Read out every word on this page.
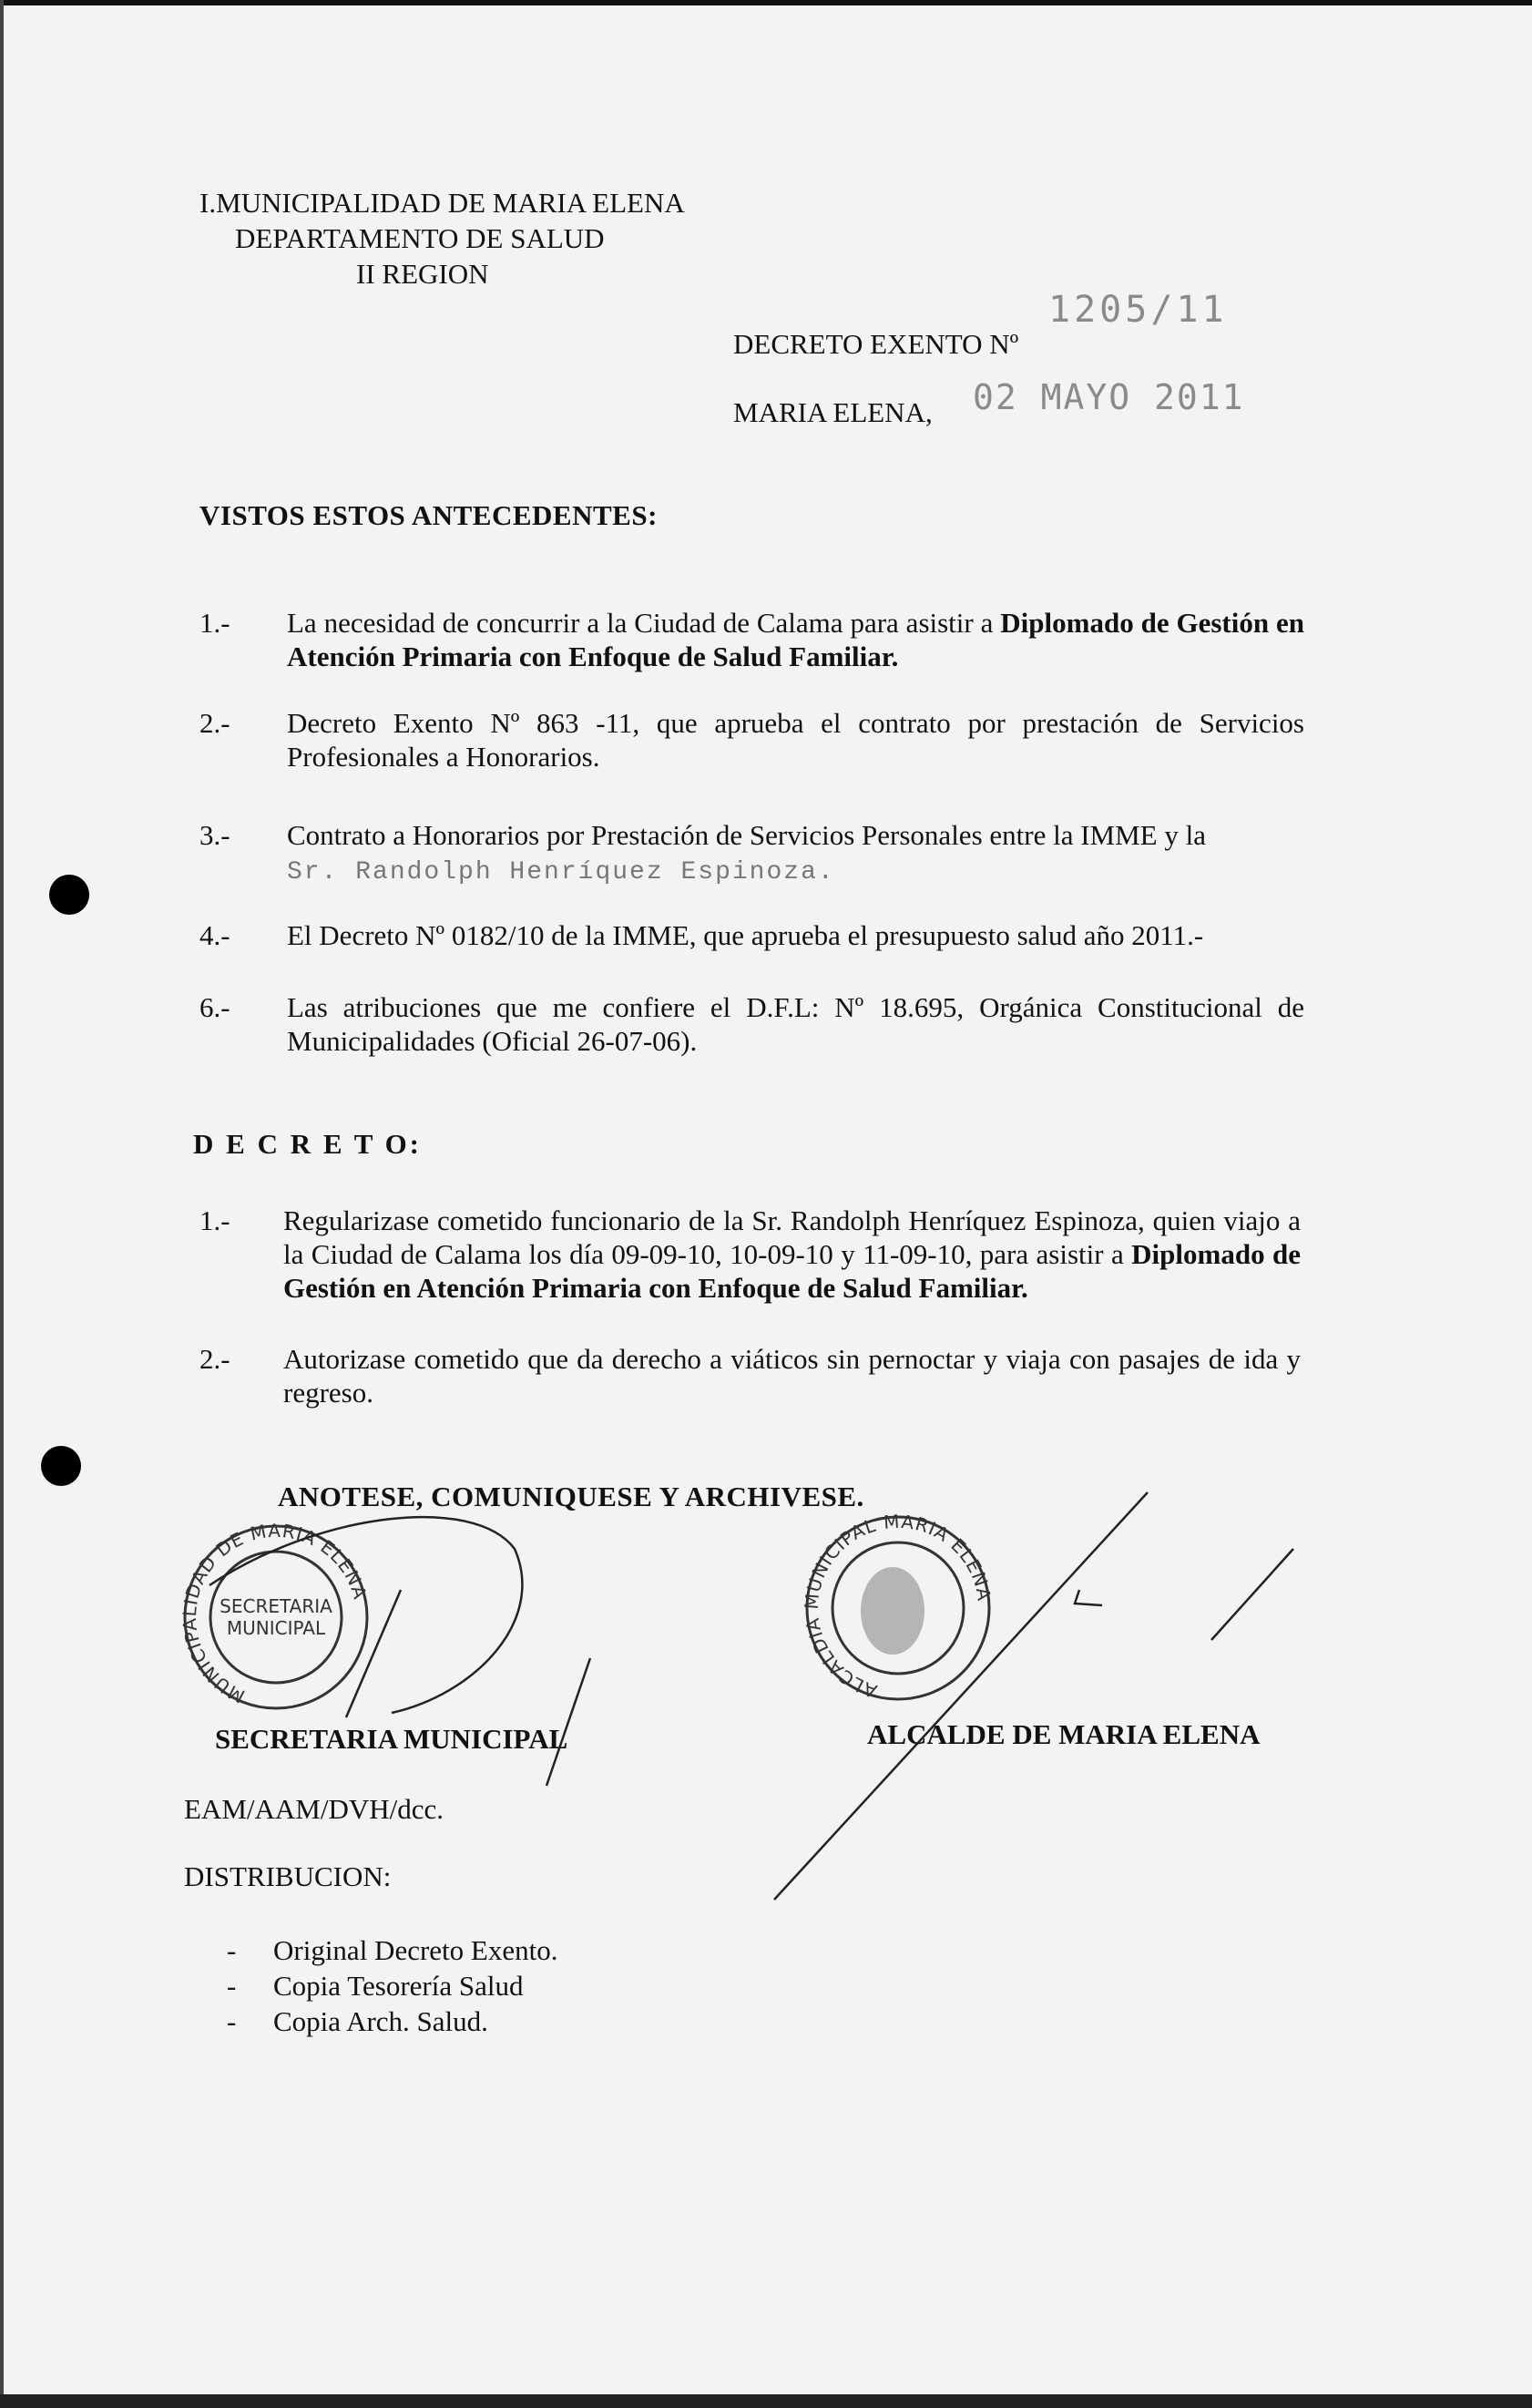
I.MUNICIPALIDAD DE MARIA ELENA
DEPARTAMENTO DE SALUD
II REGION
DECRETO EXENTO Nº
1205/11
MARIA ELENA, 02 MAYO 2011
VISTOS ESTOS ANTECEDENTES:
1.- La necesidad de concurrir a la Ciudad de Calama para asistir a Diplomado de Gestión en Atención Primaria con Enfoque de Salud Familiar.
2.- Decreto Exento Nº 863 -11, que aprueba el contrato por prestación de Servicios Profesionales a Honorarios.
3.- Contrato a Honorarios por Prestación de Servicios Personales entre la IMME y la
Sr. Randolph Henríquez Espinoza.
4.- El Decreto Nº 0182/10 de la IMME, que aprueba el presupuesto salud año 2011.-
6.- Las atribuciones que me confiere el D.F.L: Nº 18.695, Orgánica Constitucional de Municipalidades (Oficial 26-07-06).
D E C R E T O:
1.- Regularizase cometido funcionario de la Sr. Randolph Henríquez Espinoza, quien viajo a la Ciudad de Calama los día 09-09-10, 10-09-10 y 11-09-10, para asistir a Diplomado de Gestión en Atención Primaria con Enfoque de Salud Familiar.
2.- Autorizase cometido que da derecho a viáticos sin pernoctar y viaja con pasajes de ida y regreso.
ANOTESE, COMUNIQUESE Y ARCHIVESE.
MUNICIPALIDAD DE MARIA ELENA
SECRETARIA MUNICIPAL
ALCALDIA MUNICIPAL MARIA ELENA
SECRETARIA MUNICIPAL	ALCALDE DE MARIA ELENA
EAM/AAM/DVH/dcc.
DISTRIBUCION:
- Original Decreto Exento.
- Copia Tesorería Salud
- Copia Arch. Salud.
